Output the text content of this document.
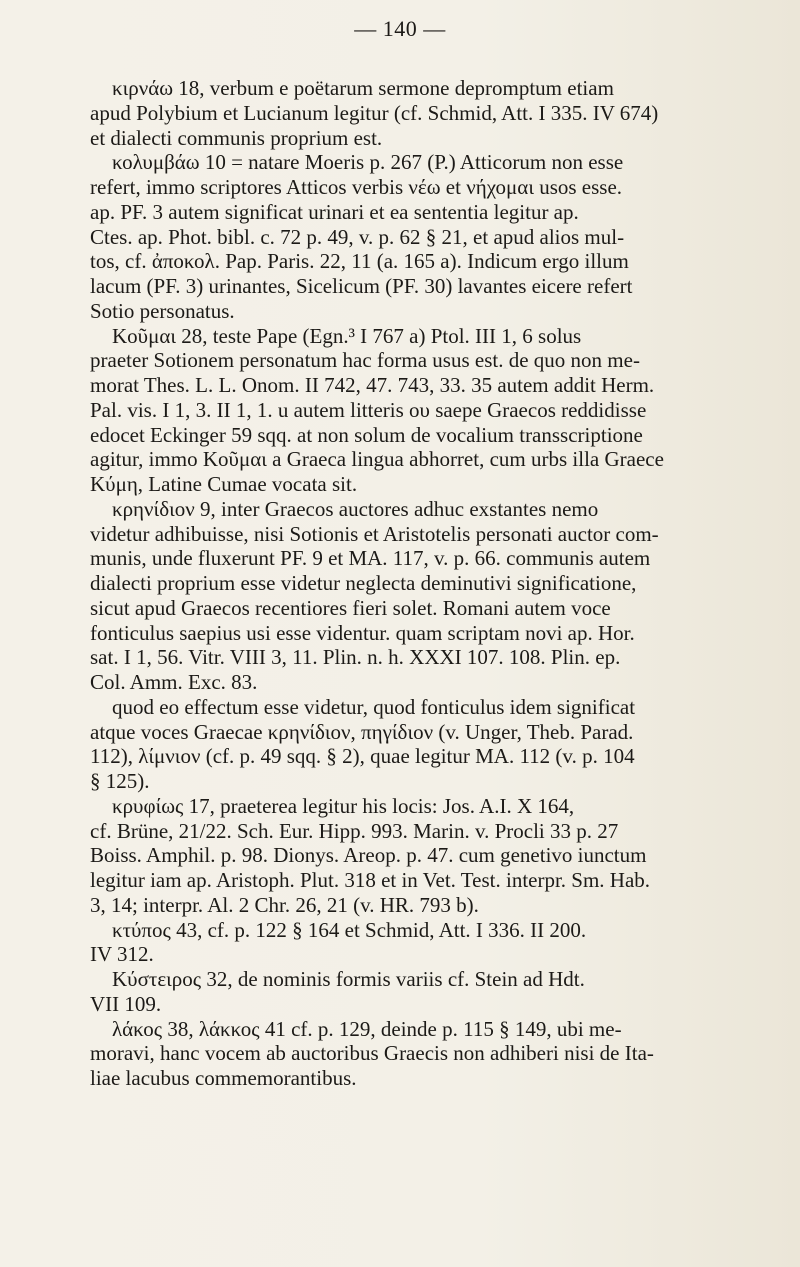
— 140 —
κιρνάω 18, verbum e poëtarum sermone depromptum etiam
apud Polybium et Lucianum legitur (cf. Schmid, Att. I 335. IV 674)
et dialecti communis proprium est.
κολυμβάω 10 = natare Moeris p. 267 (P.) Atticorum non esse
refert, immo scriptores Atticos verbis νέω et νήχομαι usos esse.
ap. PF. 3 autem significat urinari et ea sententia legitur ap.
Ctes. ap. Phot. bibl. c. 72 p. 49, v. p. 62 § 21, et apud alios mul-
tos, cf. ἀποκολ. Pap. Paris. 22, 11 (a. 165 a). Indicum ergo illum
lacum (PF. 3) urinantes, Sicelicum (PF. 30) lavantes eicere refert
Sotio personatus.
Κοῦμαι 28, teste Pape (Egn.³ I 767 a) Ptol. III 1, 6 solus
praeter Sotionem personatum hac forma usus est. de quo non me-
morat Thes. L. L. Onom. II 742, 47. 743, 33. 35 autem addit Herm.
Pal. vis. I 1, 3. II 1, 1. u autem litteris ου saepe Graecos reddidisse
edocet Eckinger 59 sqq. at non solum de vocalium transscriptione
agitur, immo Κοῦμαι a Graeca lingua abhorret, cum urbs illa Graece
Κύμη, Latine Cumae vocata sit.
κρηνίδιον 9, inter Graecos auctores adhuc exstantes nemo
videtur adhibuisse, nisi Sotionis et Aristotelis personati auctor com-
munis, unde fluxerunt PF. 9 et MA. 117, v. p. 66. communis autem
dialecti proprium esse videtur neglecta deminutivi significatione,
sicut apud Graecos recentiores fieri solet. Romani autem voce
fonticulus saepius usi esse videntur. quam scriptam novi ap. Hor.
sat. I 1, 56. Vitr. VIII 3, 11. Plin. n. h. XXXI 107. 108. Plin. ep.
Col. Amm. Exc. 83.
quod eo effectum esse videtur, quod fonticulus idem significat
atque voces Graecae κρηνίδιον, πηγίδιον (v. Unger, Theb. Parad.
112), λίμνιον (cf. p. 49 sqq. § 2), quae legitur MA. 112 (v. p. 104
§ 125).
κρυφίως 17, praeterea legitur his locis: Jos. A.I. X 164,
cf. Brüne, 21/22. Sch. Eur. Hipp. 993. Marin. v. Procli 33 p. 27
Boiss. Amphil. p. 98. Dionys. Areop. p. 47. cum genetivo iunctum
legitur iam ap. Aristoph. Plut. 318 et in Vet. Test. interpr. Sm. Hab.
3, 14; interpr. Al. 2 Chr. 26, 21 (v. HR. 793 b).
κτύπος 43, cf. p. 122 § 164 et Schmid, Att. I 336. II 200.
IV 312.
Κύστειρος 32, de nominis formis variis cf. Stein ad Hdt.
VII 109.
λάκος 38, λάκκος 41 cf. p. 129, deinde p. 115 § 149, ubi me-
moravi, hanc vocem ab auctoribus Graecis non adhiberi nisi de Ita-
liae lacubus commemorantibus.
